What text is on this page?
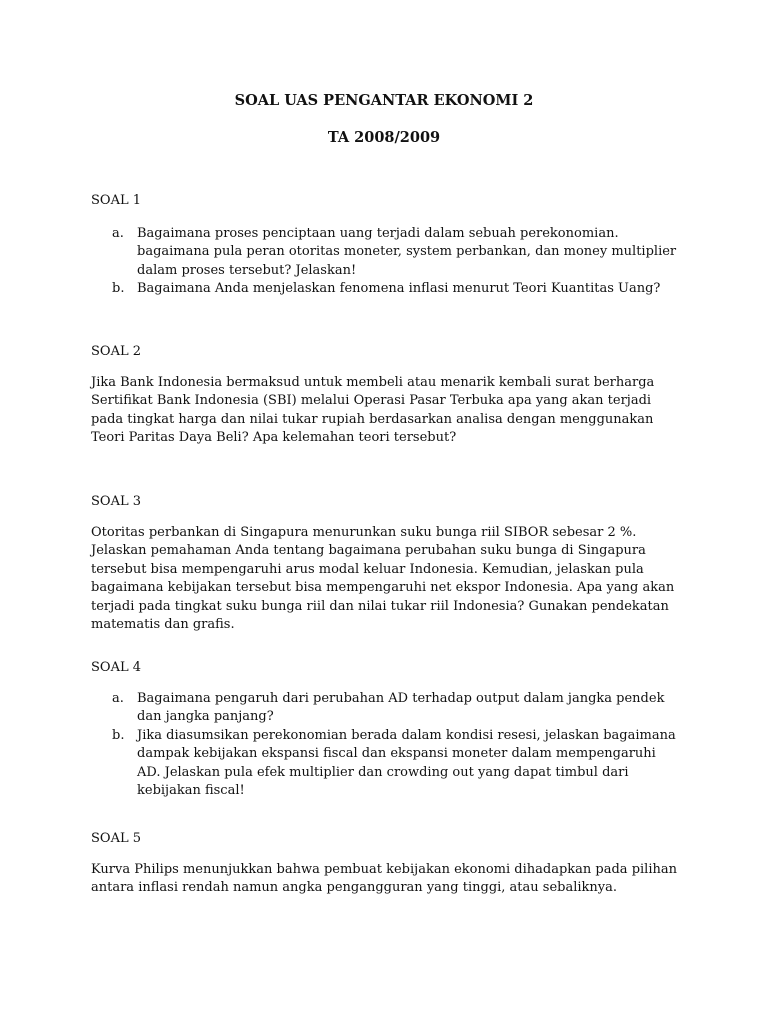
SOAL UAS PENGANTAR EKONOMI 2
TA 2008/2009

SOAL 1

a. Bagaimana proses penciptaan uang terjadi dalam sebuah perekonomian. bagaimana pula peran otoritas moneter, system perbankan, dan money multiplier dalam proses tersebut? Jelaskan!
b. Bagaimana Anda menjelaskan fenomena inflasi menurut Teori Kuantitas Uang?

SOAL 2

Jika Bank Indonesia bermaksud untuk membeli atau menarik kembali surat berharga Sertifikat Bank Indonesia (SBI) melalui Operasi Pasar Terbuka apa yang akan terjadi pada tingkat harga dan nilai tukar rupiah berdasarkan analisa dengan menggunakan Teori Paritas Daya Beli? Apa kelemahan teori tersebut?

SOAL 3

Otoritas perbankan di Singapura menurunkan suku bunga riil SIBOR sebesar 2 %. Jelaskan pemahaman Anda tentang bagaimana perubahan suku bunga di Singapura tersebut bisa mempengaruhi arus modal keluar Indonesia. Kemudian, jelaskan pula bagaimana kebijakan tersebut bisa mempengaruhi net ekspor Indonesia. Apa yang akan terjadi pada tingkat suku bunga riil dan nilai tukar riil Indonesia? Gunakan pendekatan matematis dan grafis.

SOAL 4

a. Bagaimana pengaruh dari perubahan AD terhadap output dalam jangka pendek dan jangka panjang?
b. Jika diasumsikan perekonomian berada dalam kondisi resesi, jelaskan bagaimana dampak kebijakan ekspansi fiscal dan ekspansi moneter dalam mempengaruhi AD. Jelaskan pula efek multiplier dan crowding out yang dapat timbul dari kebijakan fiscal!

SOAL 5

Kurva Philips menunjukkan bahwa pembuat kebijakan ekonomi dihadapkan pada pilihan antara inflasi rendah namun angka pengangguran yang tinggi, atau sebaliknya.
